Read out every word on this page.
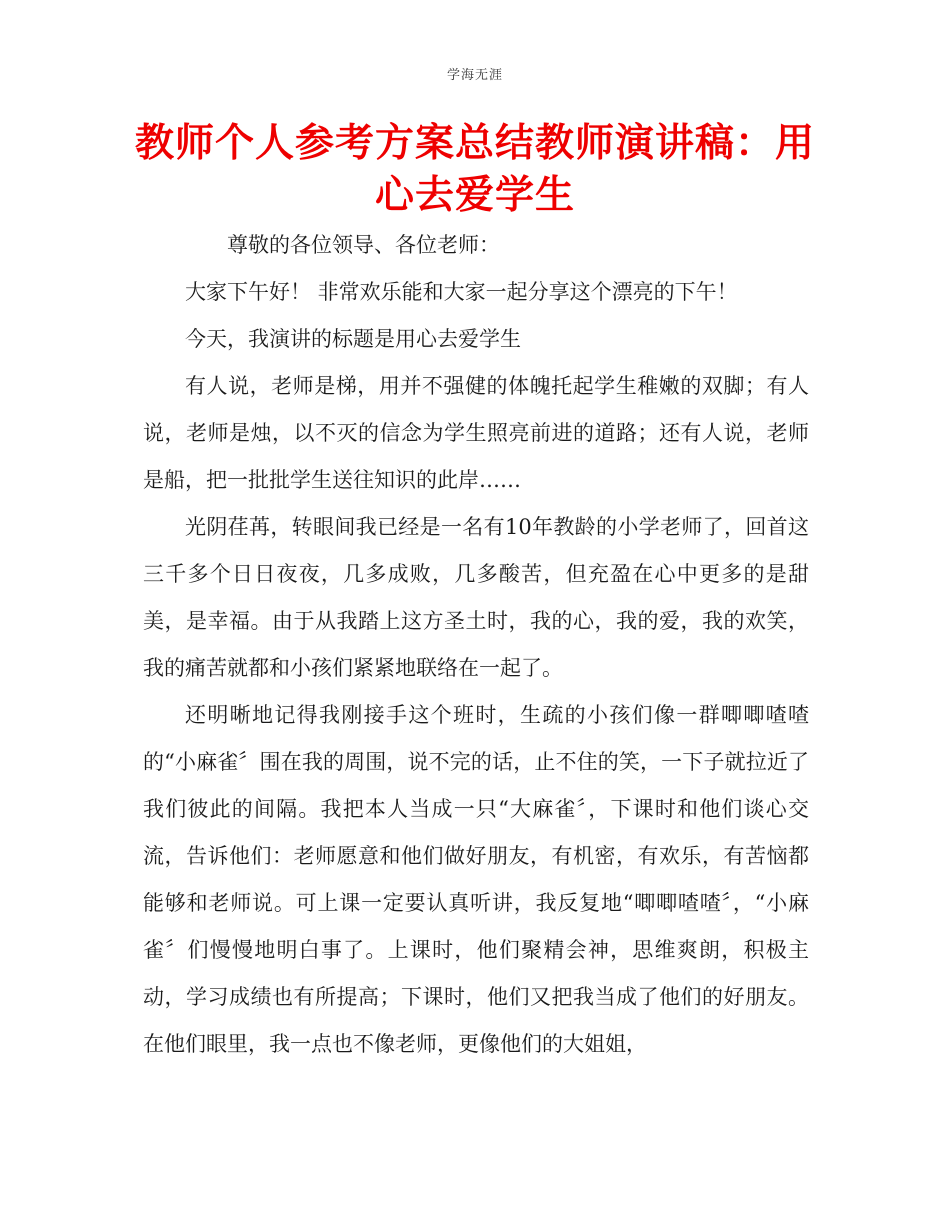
学海无涯
教师个人参考方案总结教师演讲稿：用心去爱学生

尊敬的各位领导、各位老师：

大家下午好！ 非常欢乐能和大家一起分享这个漂亮的下午！

今天，我演讲的标题是用心去爱学生

有人说，老师是梯，用并不强健的体魄托起学生稚嫩的双脚；有人说，老师是烛，以不灭的信念为学生照亮前进的道路；还有人说，老师是船，把一批批学生送往知识的此岸……

光阴荏苒，转眼间我已经是一名有10年教龄的小学老师了，回首这三千多个日日夜夜，几多成败，几多酸苦，但充盈在心中更多的是甜美，是幸福。由于从我踏上这方圣土时，我的心，我的爱，我的欢笑，我的痛苦就都和小孩们紧紧地联络在一起了。

还明晰地记得我刚接手这个班时，生疏的小孩们像一群唧唧喳喳的“小麻雀〞围在我的周围，说不完的话，止不住的笑，一下子就拉近了我们彼此的间隔。我把本人当成一只“大麻雀〞，下课时和他们谈心交流，告诉他们：老师愿意和他们做好朋友，有机密，有欢乐，有苦恼都能够和老师说。可上课一定要认真听讲，我反复地“唧唧喳喳〞，“小麻雀〞们慢慢地明白事了。上课时，他们聚精会神，思维爽朗，积极主动，学习成绩也有所提高；下课时，他们又把我当成了他们的好朋友。在他们眼里，我一点也不像老师，更像他们的大姐姐，
